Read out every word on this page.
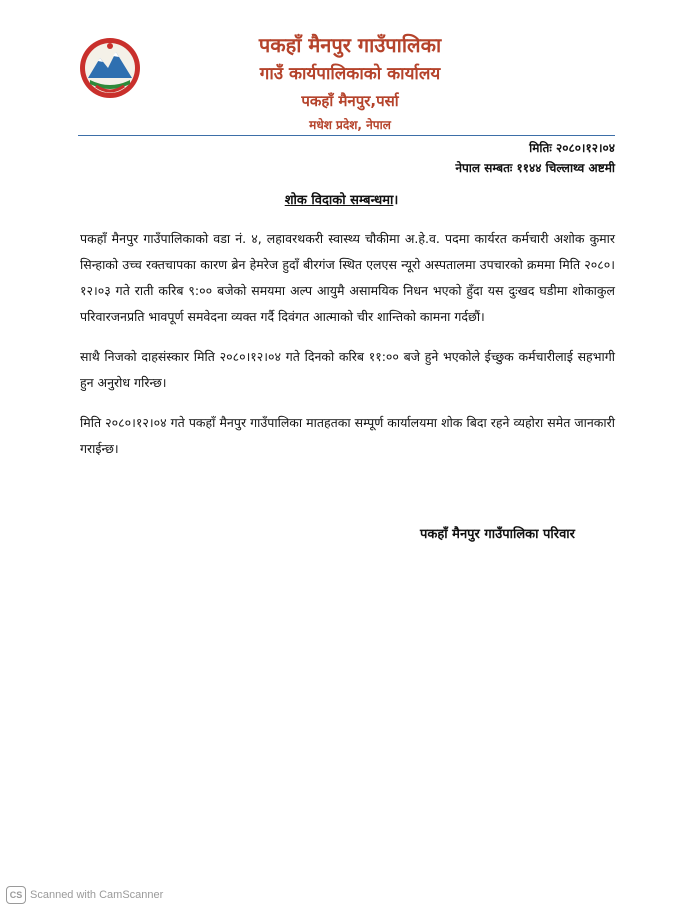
पकहाँ मैनपुर गाउँपालिका
गाउँ कार्यपालिकाको कार्यालय
पकहाँ मैनपुर,पर्सा
मधेश प्रदेश, नेपाल
मितिः २०८०।१२।०४
नेपाल सम्बतः ११४४ चिल्लाथ्व अष्टमी
शोक विदाको सम्बन्धमा।

पकहाँ मैनपुर गाउँपालिकाको वडा नं. ४, लहावरथकरी स्वास्थ्य चौकीमा अ.हे.व. पदमा कार्यरत कर्मचारी अशोक कुमार सिन्हाको उच्च रक्तचापका कारण ब्रेन हेमरेज हुदाँ बीरगंज स्थित एलएस न्यूरो अस्पतालमा उपचारको क्रममा मिति २०८०।१२।०३ गते राती करिब ९:०० बजेको समयमा अल्प आयुमै असामयिक निधन भएको हुँदा यस दुःखद घडीमा शोकाकुल परिवारजनप्रति भावपूर्ण समवेदना व्यक्त गर्दै दिवंगत आत्माको चीर शान्तिको कामना गर्दछौं।

साथै निजको दाहसंस्कार मिति २०८०।१२।०४ गते दिनको करिब ११:०० बजे हुने भएकोले ईच्छुक कर्मचारीलाई सहभागी हुन अनुरोध गरिन्छ।

मिति २०८०।१२।०४ गते पकहाँ मैनपुर गाउँपालिका मातहतका सम्पूर्ण कार्यालयमा शोक बिदा रहने व्यहोरा समेत जानकारी गराईन्छ।

पकहाँ मैनपुर गाउँपालिका परिवार
CS Scanned with CamScanner
